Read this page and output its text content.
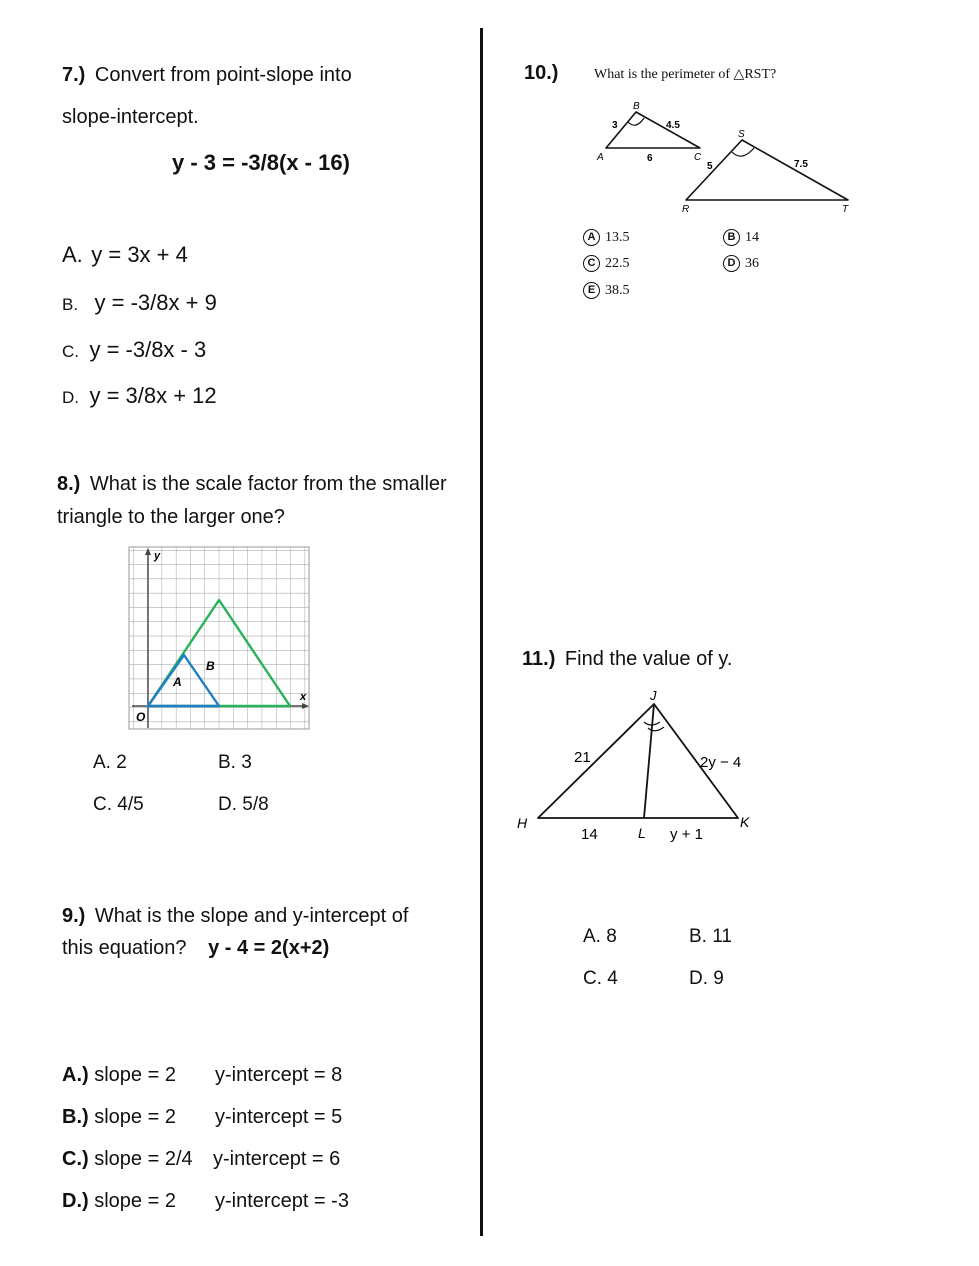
7.) Convert from point-slope into
slope-intercept.
y - 3 = -3/8(x - 16)
A. y = 3x + 4
B. y = -3/8x + 9
C. y = -3/8x - 3
D. y = 3/8x + 12
8.) What is the scale factor from the smaller
triangle to the larger one?
y
x
O
A
B
A. 2	B. 3
C. 4/5	D. 5/8
9.) What is the slope and y-intercept of
this equation? y - 4 = 2(x+2)
A.) slope = 2 y-intercept = 8
B.) slope = 2 y-intercept = 5
C.) slope = 2/4 y-intercept = 6
D.) slope = 2 y-intercept = -3
10.)	What is the perimeter of △RST?
B
A	C
3	4.5
6
S
R	T
5	7.5
A 13.5	B 14
C 22.5	D 36
E 38.5
11.) Find the value of y.
J
H	K
L
21	2y − 4
14	y + 1
A. 8	B. 11
C. 4	D. 9
